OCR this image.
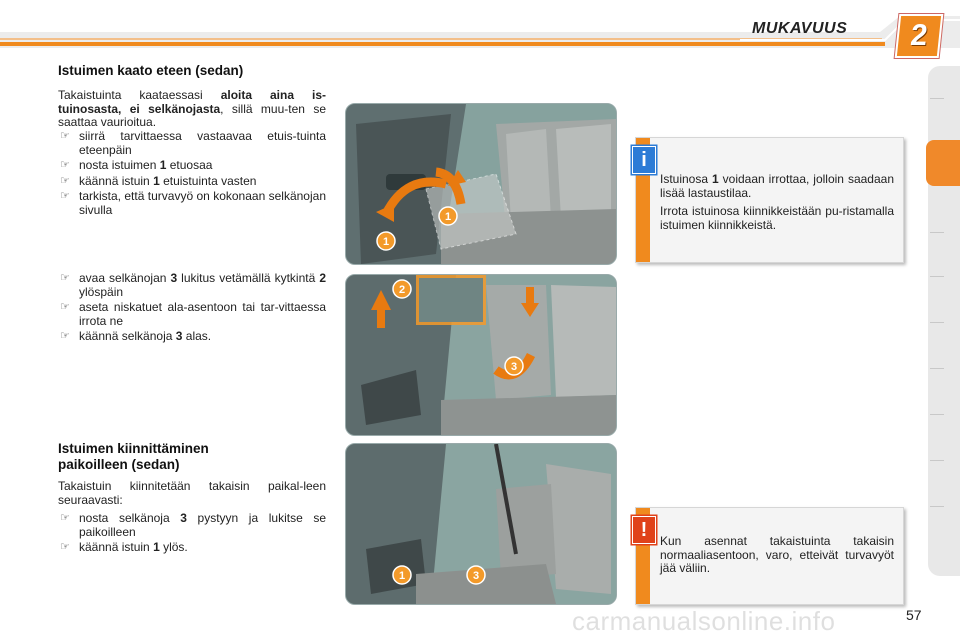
MUKAVUUS 2
Istuimen kaato eteen (sedan)
Takaistuinta kaataessasi aloita aina is-tuinosasta, ei selkänojasta, sillä muu-ten se saattaa vaurioitua.
☞ siirrä tarvittaessa vastaavaa etuis-tuinta eteenpäin
☞ nosta istuimen 1 etuosaa
☞ käännä istuin 1 etuistuinta vasten
☞ tarkista, että turvavyö on kokonaan selkänojan sivulla
☞ avaa selkänojan 3 lukitus vetämällä kytkintä 2 ylöspäin
☞ aseta niskatuet ala-asentoon tai tar-vittaessa irrota ne
☞ käännä selkänoja 3 alas.
Istuimen kiinnittäminen
paikoilleen (sedan)
Takaistuin kiinnitetään takaisin paikal-leen seuraavasti:
☞ nosta selkänoja 3 pystyyn ja lukitse se paikoilleen
☞ käännä istuin 1 ylös.
1
1
2
3
1	3
i
Istuinosa 1 voidaan irrottaa, jolloin saadaan lisää lastaustilaa.
Irrota istuinosa kiinnikkeistään pu-ristamalla istuimen kiinnikkeistä.
!
Kun asennat takaistuinta takaisin normaaliasentoon, varo, etteivät turvavyöt jää väliin.
57
carmanualsonline.info
